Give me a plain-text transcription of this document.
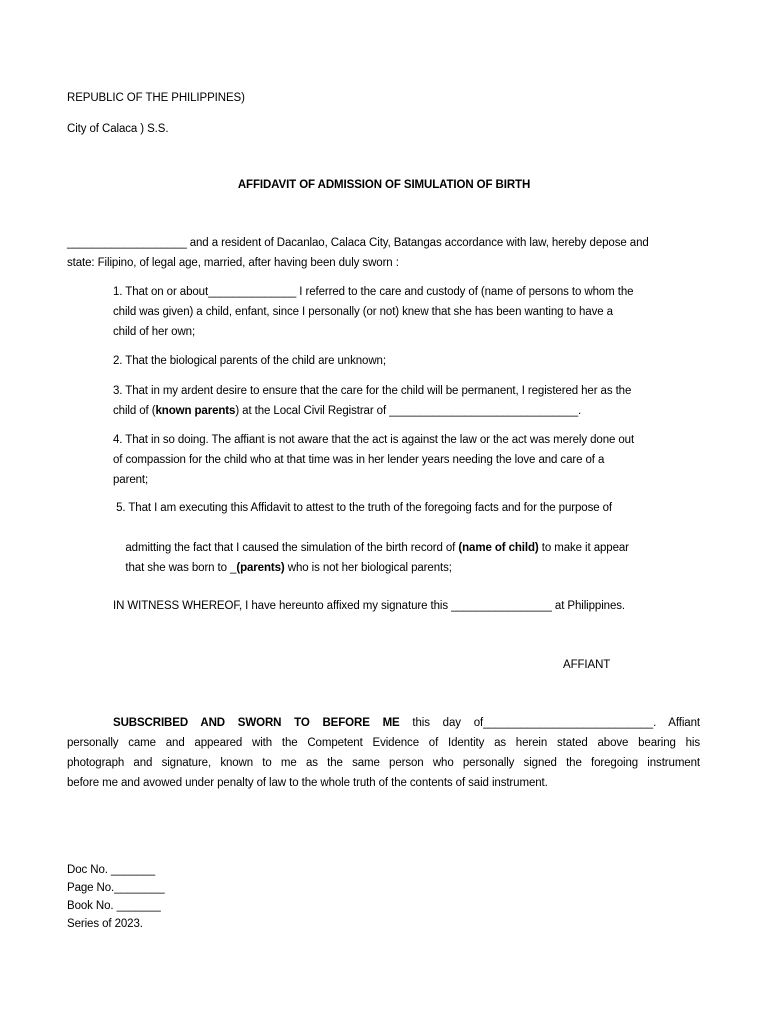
REPUBLIC OF THE PHILIPPINES)
City of Calaca ) S.S.
AFFIDAVIT OF ADMISSION OF SIMULATION OF BIRTH
___________________ and a resident of Dacanlao, Calaca City, Batangas accordance with law, hereby depose and
state: Filipino, of legal age, married, after having been duly sworn :
1. That on or about______________ I referred to the care and custody of (name of persons to whom the
child was given) a child, enfant, since I personally (or not) knew that she has been wanting to have a
child of her own;
2. That the biological parents of the child are unknown;
3. That in my ardent desire to ensure that the care for the child will be permanent, I registered her as the
child of (known parents) at the Local Civil Registrar of ______________________________.
4. That in so doing. The affiant is not aware that the act is against the law or the act was merely done out
of compassion for the child who at that time was in her lender years needing the love and care of a
parent;
5. That I am executing this Affidavit to attest to the truth of the foregoing facts and for the purpose of

admitting the fact that I caused the simulation of the birth record of (name of child) to make it appear

that she was born to _(parents) who is not her biological parents;

IN WITNESS WHEREOF, I have hereunto affixed my signature this ________________ at Philippines.
AFFIANT
SUBSCRIBED AND SWORN TO BEFORE ME this day of___________________________. Affiant
personally came and appeared with the Competent Evidence of Identity as herein stated above bearing his
photograph and signature, known to me as the same person who personally signed the foregoing instrument
before me and avowed under penalty of law to the whole truth of the contents of said instrument.
Doc No. _______
Page No.________
Book No. _______
Series of 2023.
